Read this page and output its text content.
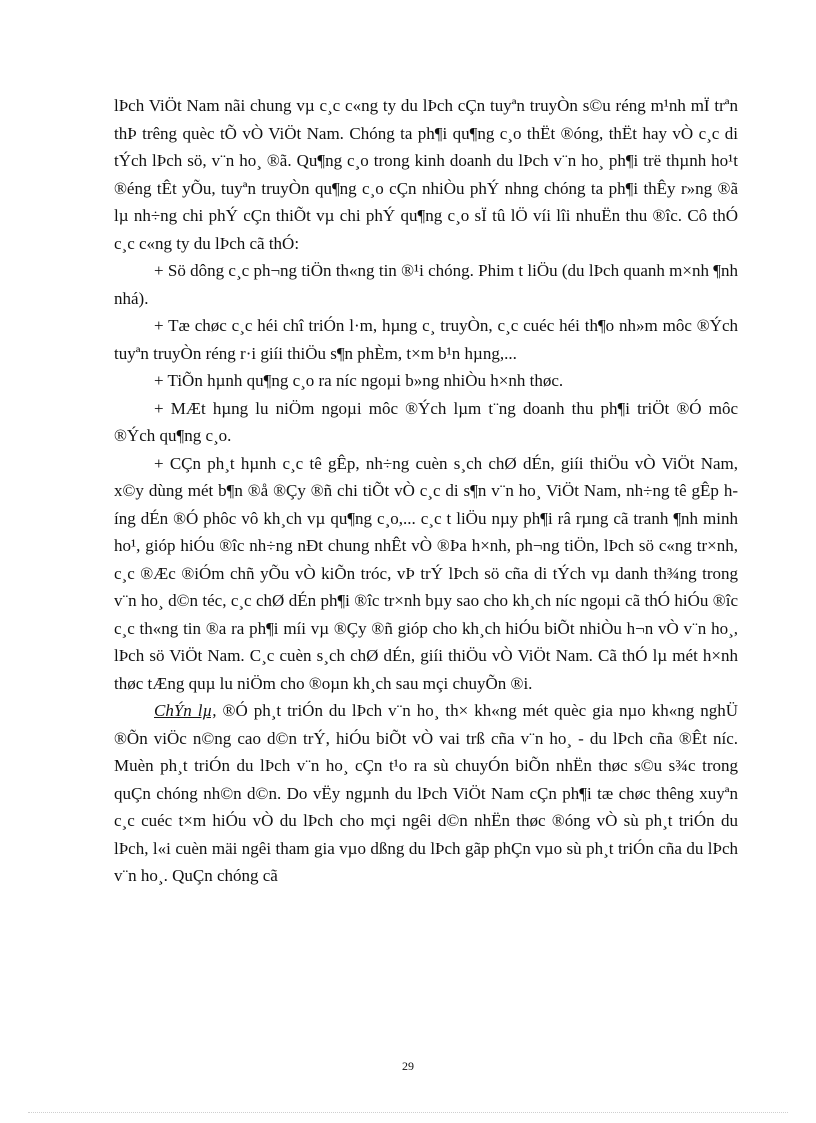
lÞch ViÖt Nam nãi chung vµ c¸c c«ng ty du lÞch cÇn tuyªn truyÒn s©u réng m¹nh mÏ trªn thÞ trêng quèc tÕ vÒ ViÖt Nam. Chóng ta ph¶i qu¶ng c¸o thËt ®óng, thËt hay vÒ c¸c di tÝch lÞch sö, v¨n ho¸ ®ã. Qu¶ng c¸o trong kinh doanh du lÞch v¨n ho¸ ph¶i trë thµnh ho¹t ®éng tÊt yÕu, tuyªn truyÒn qu¶ng c¸o cÇn nhiÒu phÝ nhng chóng ta ph¶i thÊy r»ng ®ã lµ nh÷ng chi phÝ cÇn thiÕt vµ chi phÝ qu¶ng c¸o sÏ tû lÖ víi lîi nhuËn thu ®îc. Cô thÓ c¸c c«ng ty du lÞch cã thÓ:

+ Sö dông c¸c ph¬ng tiÖn th«ng tin ®¹i chóng. Phim t liÖu (du lÞch quanh m×nh ¶nh nhá).

+ Tæ chøc c¸c héi chî triÓn l·m, hµng c¸ truyÒn, c¸c cuéc héi th¶o nh»m môc ®Ých tuyªn truyÒn réng r·i giíi thiÖu s¶n phÈm, t×m b¹n hµng,...

+ TiÕn hµnh qu¶ng c¸o ra níc ngoµi b»ng nhiÒu h×nh thøc.

+ MÆt hµng lu niÖm ngoµi môc ®Ých lµm t¨ng doanh thu ph¶i triÖt ®Ó môc ®Ých qu¶ng c¸o.

+ CÇn ph¸t hµnh c¸c tê gÊp, nh÷ng cuèn s¸ch chØ dÉn, giíi thiÖu vÒ ViÖt Nam, x©y dùng mét b¶n ®å ®Çy ®ñ chi tiÕt vÒ c¸c di s¶n v¨n ho¸ ViÖt Nam, nh÷ng tê gÊp híng dÉn ®Ó phôc vô kh¸ch vµ qu¶ng c¸o,... c¸c t liÖu nµy ph¶i râ rµng cã tranh ¶nh minh ho¹, gióp hiÓu ®îc nh÷ng nÐt chung nhÊt vÒ ®Þa h×nh, ph¬ng tiÖn, lÞch sö c«ng tr×nh, c¸c ®Æc ®iÓm chñ yÕu vÒ kiÕn tróc, vÞ trÝ lÞch sö cña di tÝch vµ danh th¾ng trong v¨n ho¸ d©n téc, c¸c chØ dÉn ph¶i ®îc tr×nh bµy sao cho kh¸ch níc ngoµi cã thÓ hiÓu ®îc c¸c th«ng tin ®a ra ph¶i míi vµ ®Çy ®ñ gióp cho kh¸ch hiÓu biÕt nhiÒu h¬n vÒ v¨n ho¸, lÞch sö ViÖt Nam. C¸c cuèn s¸ch chØ dÉn, giíi thiÖu vÒ ViÖt Nam. Cã thÓ lµ mét h×nh thøc tÆng quµ lu niÖm cho ®oµn kh¸ch sau mçi chuyÕn ®i.

ChÝn lµ, ®Ó ph¸t triÓn du lÞch v¨n ho¸ th× kh«ng mét quèc gia nµo kh«ng nghÜ ®Õn viÖc n©ng cao d©n trÝ, hiÓu biÕt vÒ vai trß cña v¨n ho¸ - du lÞch cña ®Êt níc. Muèn ph¸t triÓn du lÞch v¨n ho¸ cÇn t¹o ra sù chuyÓn biÕn nhËn thøc s©u s¾c trong quÇn chóng nh©n d©n. Do vËy ngµnh du lÞch ViÖt Nam cÇn ph¶i tæ chøc thêng xuyªn c¸c cuéc t×m hiÓu vÒ du lÞch cho mçi ngêi d©n nhËn thøc ®óng vÒ sù ph¸t triÓn du lÞch, l«i cuèn mäi ngêi tham gia vµo dßng du lÞch gãp phÇn vµo sù ph¸t triÓn cña du lÞch v¨n ho¸. QuÇn chóng cã

29
